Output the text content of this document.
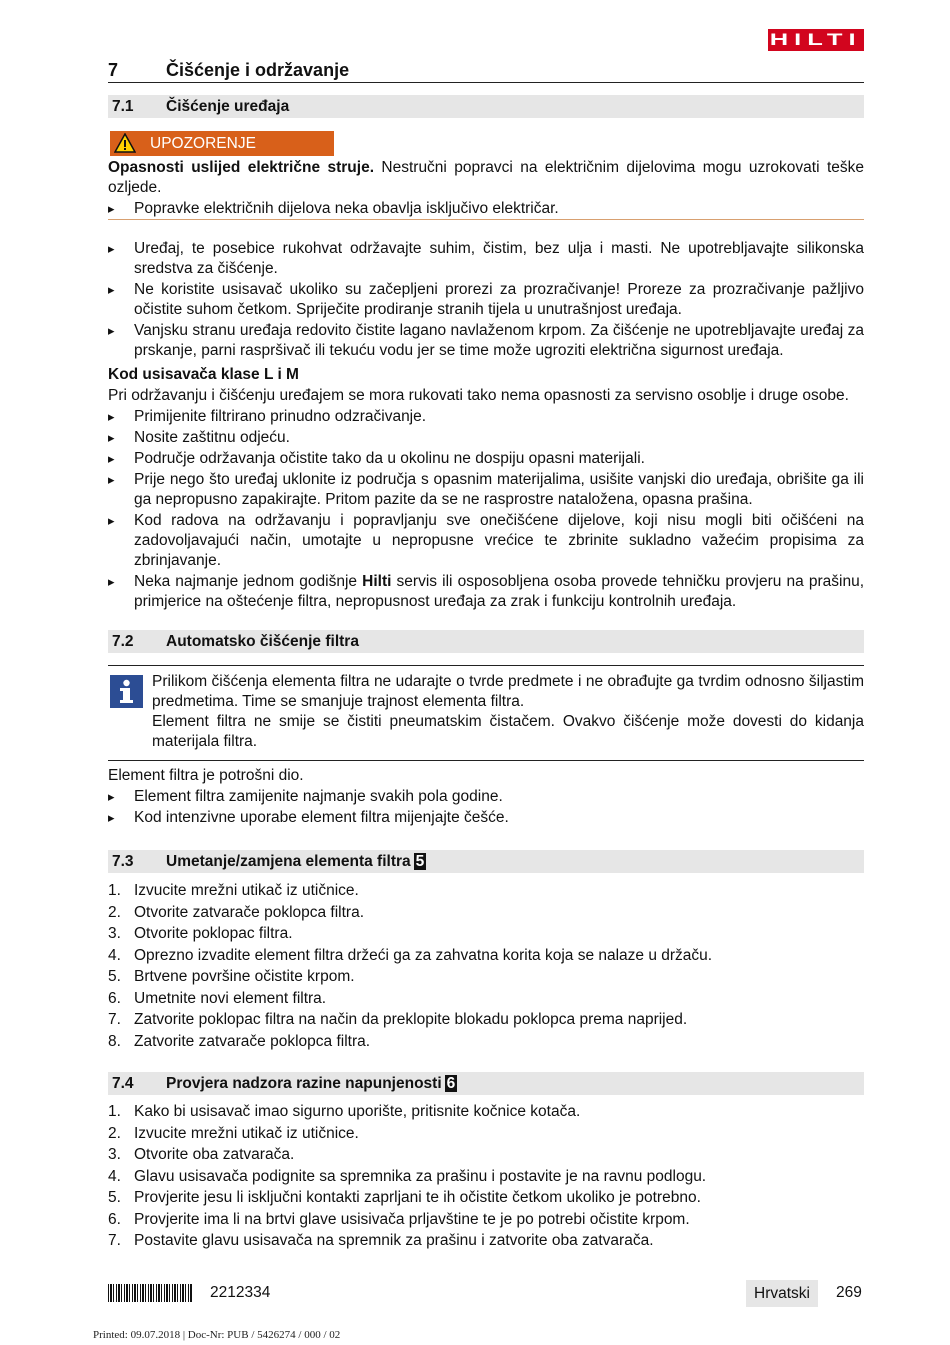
HILTI
7	Čišćenje i održavanje
7.1 Čišćenje uređaja
UPOZORENJE

Opasnosti uslijed električne struje. Nestručni popravci na električnim dijelovima mogu uzrokovati teške ozljede.

▸ Popravke električnih dijelova neka obavlja isključivo električar.
▸ Uređaj, te posebice rukohvat održavajte suhim, čistim, bez ulja i masti. Ne upotrebljavajte silikonska sredstva za čišćenje.
▸ Ne koristite usisavač ukoliko su začepljeni prorezi za prozračivanje! Proreze za prozračivanje pažljivo očistite suhom četkom. Spriječite prodiranje stranih tijela u unutrašnjost uređaja.
▸ Vanjsku stranu uređaja redovito čistite lagano navlaženom krpom. Za čišćenje ne upotrebljavajte uređaj za prskanje, parni raspršivač ili tekuću vodu jer se time može ugroziti električna sigurnost uređaja.

Kod usisavača klase L i M

Pri održavanju i čišćenju uređajem se mora rukovati tako nema opasnosti za servisno osoblje i druge osobe.

▸ Primijenite filtrirano prinudno odzračivanje.
▸ Nosite zaštitnu odjeću.
▸ Područje održavanja očistite tako da u okolinu ne dospiju opasni materijali.
▸ Prije nego što uređaj uklonite iz područja s opasnim materijalima, usišite vanjski dio uređaja, obrišite ga ili ga nepropusno zapakirajte. Pritom pazite da se ne rasprostre nataložena, opasna prašina.
▸ Kod radova na održavanju i popravljanju sve onečišćene dijelove, koji nisu mogli biti očišćeni na zadovoljavajući način, umotajte u nepropusne vrećice te zbrinite sukladno važećim propisima za zbrinjavanje.
▸ Neka najmanje jednom godišnje Hilti servis ili osposobljena osoba provede tehničku provjeru na prašinu, primjerice na oštećenje filtra, nepropusnost uređaja za zrak i funkciju kontrolnih uređaja.
7.2 Automatsko čišćenje filtra

Prilikom čišćenja elementa filtra ne udarajte o tvrde predmete i ne obrađujte ga tvrdim odnosno šiljastim predmetima. Time se smanjuje trajnost elementa filtra.

Element filtra ne smije se čistiti pneumatskim čistačem. Ovakvo čišćenje može dovesti do kidanja materijala filtra.

Element filtra je potrošni dio.

▸ Element filtra zamijenite najmanje svakih pola godine.
▸ Kod intenzivne uporabe element filtra mijenjajte češće.
7.3 Umetanje/zamjena elementa filtra 5
1. Izvucite mrežni utikač iz utičnice.
2. Otvorite zatvarače poklopca filtra.
3. Otvorite poklopac filtra.
4. Oprezno izvadite element filtra držeći ga za zahvatna korita koja se nalaze u držaču.
5. Brtvene površine očistite krpom.
6. Umetnite novi element filtra.
7. Zatvorite poklopac filtra na način da preklopite blokadu poklopca prema naprijed.
8. Zatvorite zatvarače poklopca filtra.
7.4 Provjera nadzora razine napunjenosti 6
1. Kako bi usisavač imao sigurno uporište, pritisnite kočnice kotača.
2. Izvucite mrežni utikač iz utičnice.
3. Otvorite oba zatvarača.
4. Glavu usisavača podignite sa spremnika za prašinu i postavite je na ravnu podlogu.
5. Provjerite jesu li isključni kontakti zaprljani te ih očistite četkom ukoliko je potrebno.
6. Provjerite ima li na brtvi glave usisivača prljavštine te je po potrebi očistite krpom.
7. Postavite glavu usisavača na spremnik za prašinu i zatvorite oba zatvarača.
2212334	Hrvatski	269
Printed: 09.07.2018 | Doc-Nr: PUB / 5426274 / 000 / 02
